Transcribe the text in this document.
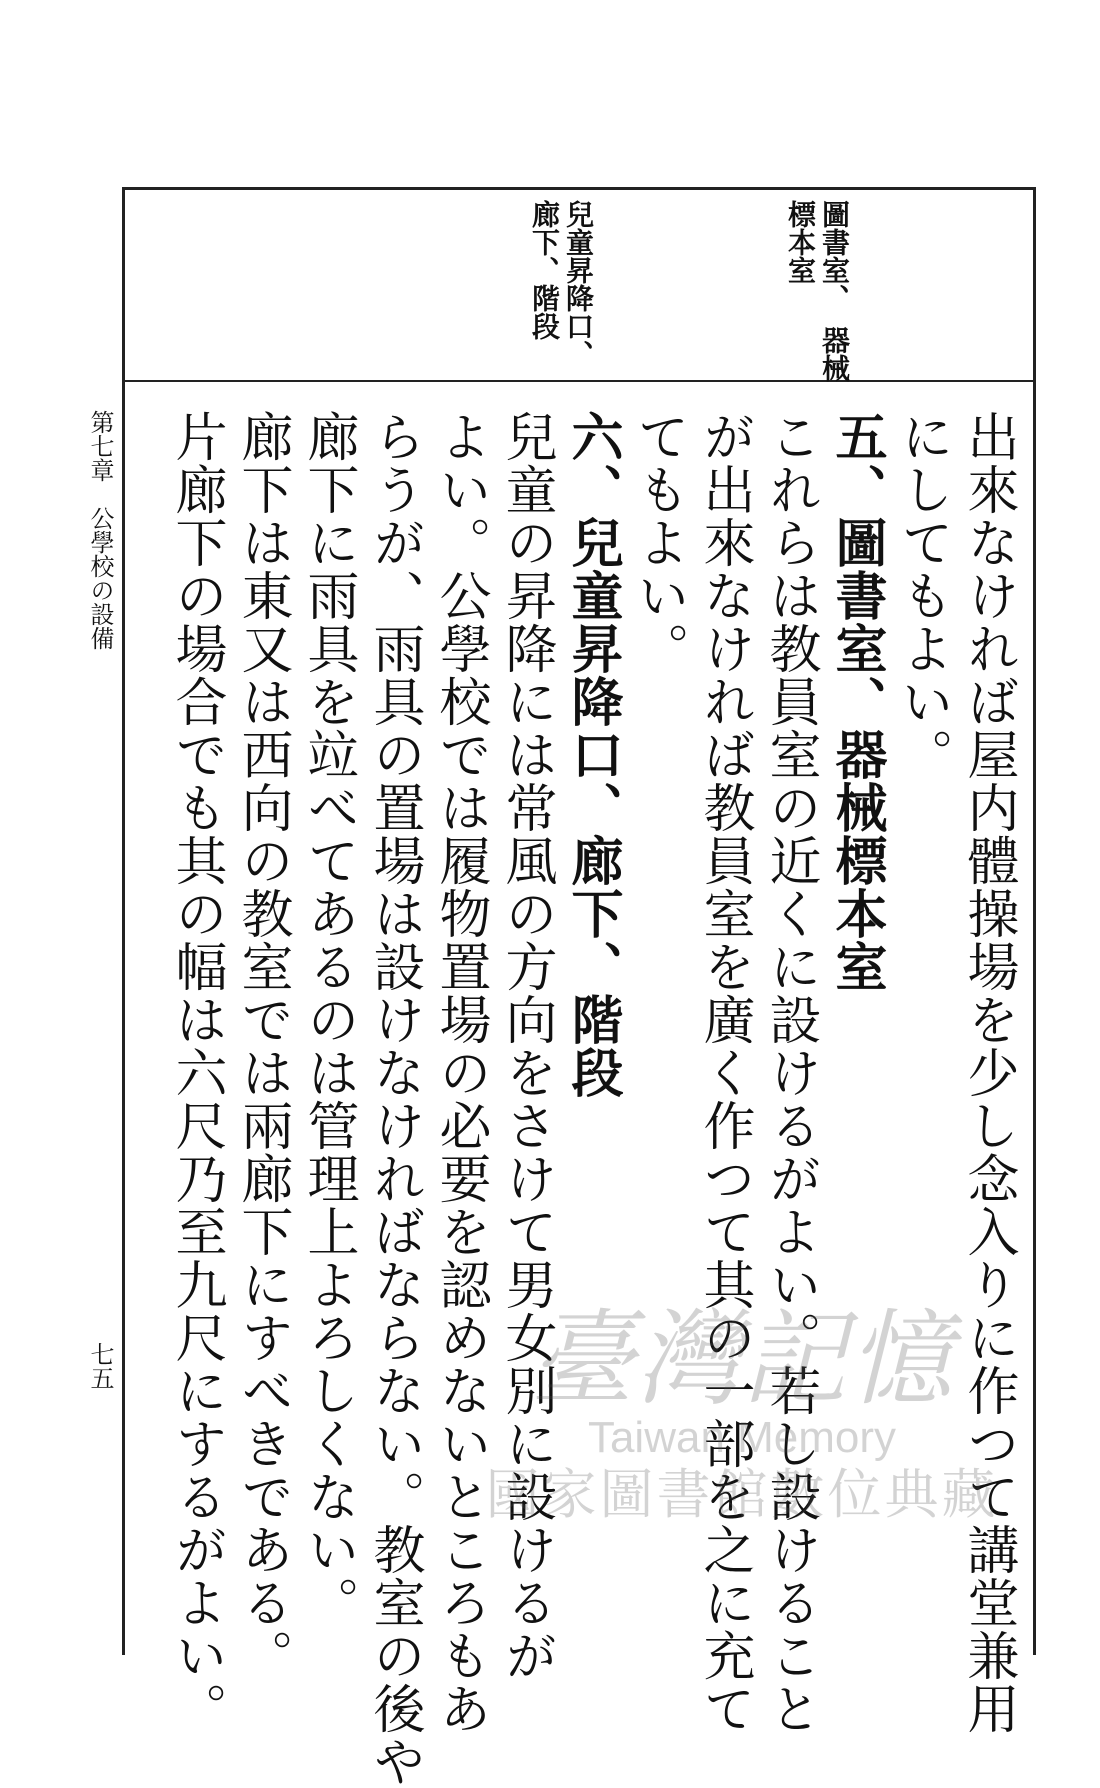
圖書室、　器械
標本室
兒童昇降口、
廊下、階段
出來なければ屋内體操場を少し念入りに作つて講堂兼用
にしてもよい。
五、圖書室、器械標本室
これらは教員室の近くに設けるがよい。若し設けること
が出來なければ教員室を廣く作つて其の一部を之に充て
てもよい。
六、兒童昇降口、廊下、階段
兒童の昇降には常風の方向をさけて男女別に設けるが
よい。公學校では履物置場の必要を認めないところもあ
らうが、雨具の置場は設けなければならない。教室の後や
廊下に雨具を竝べてあるのは管理上よろしくない。
廊下は東又は西向の教室では兩廊下にすべきである。
片廊下の場合でも其の幅は六尺乃至九尺にするがよい。
第七章　公學校の設備
七五	臺灣記憶
Taiwan Memory
國家圖書館數位典藏
